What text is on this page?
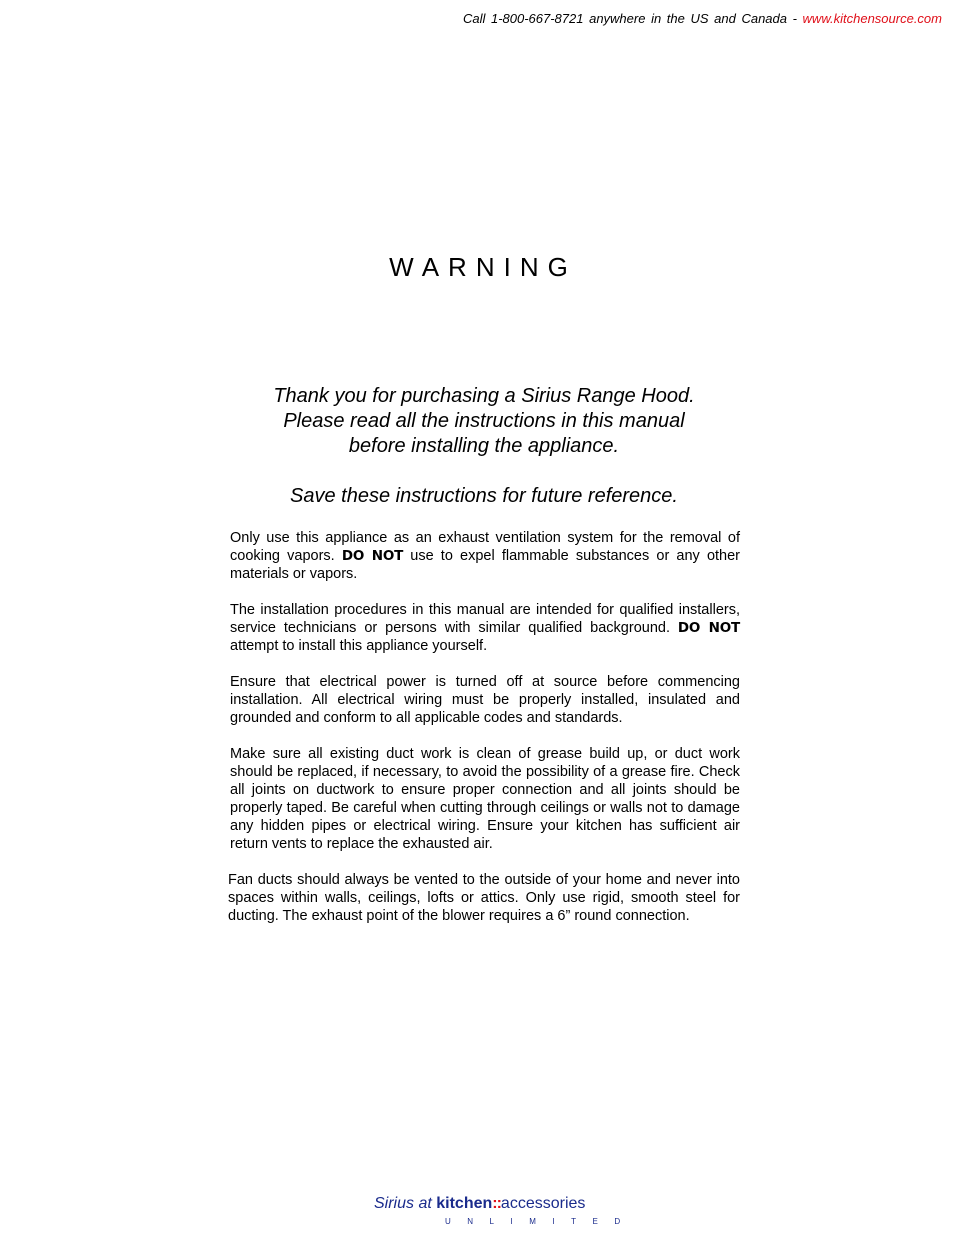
Call 1-800-667-8721 anywhere in the US and Canada - www.kitchensource.com
WARNING

Thank you for purchasing a Sirius Range Hood.

Please read all the instructions in this manual

before installing the appliance.

Save these instructions for future reference.

Only use this appliance as an exhaust ventilation system for the removal of cooking vapors. DO NOT use to expel flammable substances or any other materials or vapors.

The installation procedures in this manual are intended for qualified installers, service technicians or persons with similar qualified background. DO NOT attempt to install this appliance yourself.

Ensure that electrical power is turned off at source before commencing installation. All electrical wiring must be properly installed, insulated and grounded and conform to all applicable codes and standards.

Make sure all existing duct work is clean of grease build up, or duct work should be replaced, if necessary, to avoid the possibility of a grease fire. Check all joints on ductwork to ensure proper connection and all joints should be properly taped. Be careful when cutting through ceilings or walls not to damage any hidden pipes or electrical wiring. Ensure your kitchen has sufficient air return vents to replace the exhausted air.

Fan ducts should always be vented to the outside of your home and never into spaces within walls, ceilings, lofts or attics. Only use rigid, smooth steel for ducting. The exhaust point of the blower requires a 6” round connection.

Sirius at kitchen::accessories
UNLIMITED
